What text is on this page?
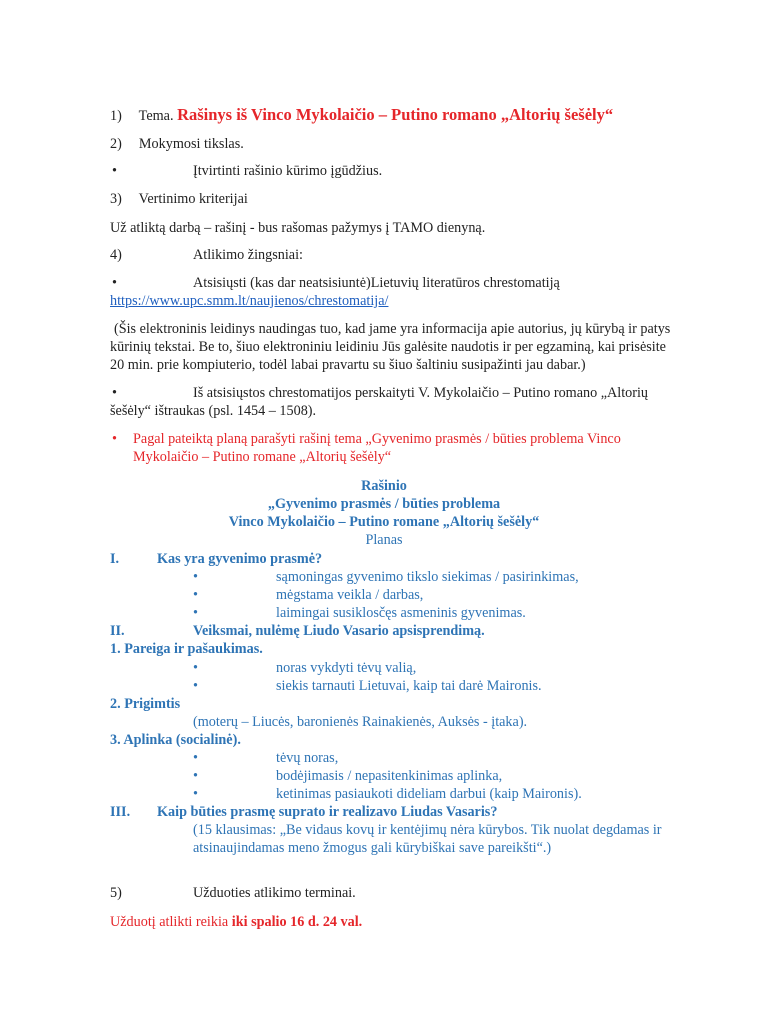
1) Tema. Rašinys iš Vinco Mykolaičio – Putino romano „Altorių šešėly“
2) Mokymosi tikslas.
•	Įtvirtinti rašinio kūrimo įgūdžius.
3) Vertinimo kriterijai
Už atliktą darbą – rašinį - bus rašomas pažymys į TAMO dienyną.
4)	Atlikimo žingsniai:
•	Atsisiųsti (kas dar neatsisiuntė)Lietuvių literatūros chrestomatiją
https://www.upc.smm.lt/naujienos/chrestomatija/
(Šis elektroninis leidinys naudingas tuo, kad jame yra informacija apie autorius, jų kūrybą ir patys
kūrinių tekstai. Be to, šiuo elektroniniu leidiniu Jūs galėsite naudotis ir per egzaminą, kai prisėsite
20 min. prie kompiuterio, todėl labai pravartu su šiuo šaltiniu susipažinti jau dabar.)
•	Iš atsisiųstos chrestomatijos perskaityti V. Mykolaičio – Putino romano „Altorių
šešėly“ ištraukas (psl. 1454 – 1508).
• Pagal pateiktą planą parašyti rašinį tema „Gyvenimo prasmės / būties problema Vinco
Mykolaičio – Putino romane „Altorių šešėly“
Rašinio
„Gyvenimo prasmės / būties problema
Vinco Mykolaičio – Putino romane „Altorių šešėly“
Planas
I.	Kas yra gyvenimo prasmė?
•	sąmoningas gyvenimo tikslo siekimas / pasirinkimas,
•	mėgstama veikla / darbas,
•	laimingai susiklosčęs asmeninis gyvenimas.
II.	Veiksmai, nulėmę Liudo Vasario apsisprendimą.
1. Pareiga ir pašaukimas.
•	noras vykdyti tėvų valią,
•	siekis tarnauti Lietuvai, kaip tai darė Maironis.
2. Prigimtis
(moterų – Liucės, baronienės Rainakienės, Auksės - įtaka).
3. Aplinka (socialinė).
•	tėvų noras,
•	bodėjimasis / nepasitenkinimas aplinka,
•	ketinimas pasiaukoti dideliam darbui (kaip Maironis).
III. Kaip būties prasmę suprato ir realizavo Liudas Vasaris?
(15 klausimas: „Be vidaus kovų ir kentėjimų nėra kūrybos. Tik nuolat degdamas ir
atsinaujindamas meno žmogus gali kūrybiškai save pareikšti“.)
5)	Užduoties atlikimo terminai.
Užduotį atlikti reikia iki spalio 16 d. 24 val.
